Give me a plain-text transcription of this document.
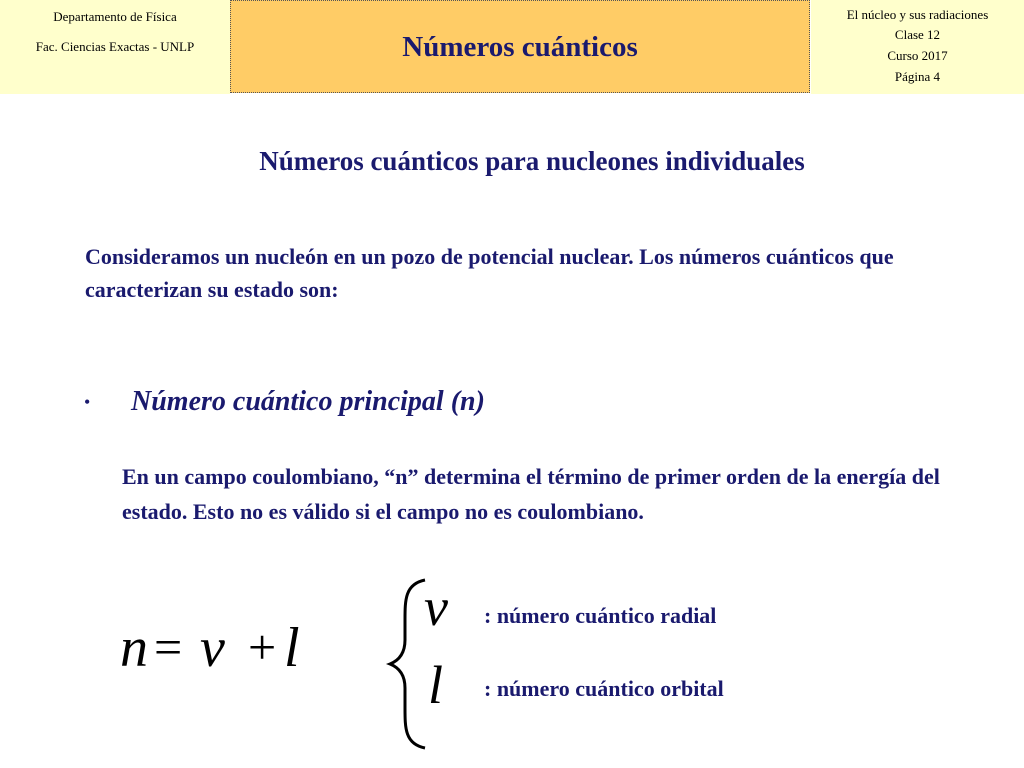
Departamento de Física
Fac. Ciencias Exactas - UNLP	Números cuánticos
El núcleo y sus radiaciones
Clase 12
Curso 2017
Página 4
Números cuánticos para nucleones individuales
Consideramos un nucleón en un pozo de potencial nuclear. Los números cuánticos que caracterizan su estado son:
• Número cuántico principal (n)
En un campo coulombiano, “n” determina el término de primer orden de la energía del estado. Esto no es válido si el campo no es coulombiano.
n = ν + l
ν
l
: número cuántico radial
: número cuántico orbital
